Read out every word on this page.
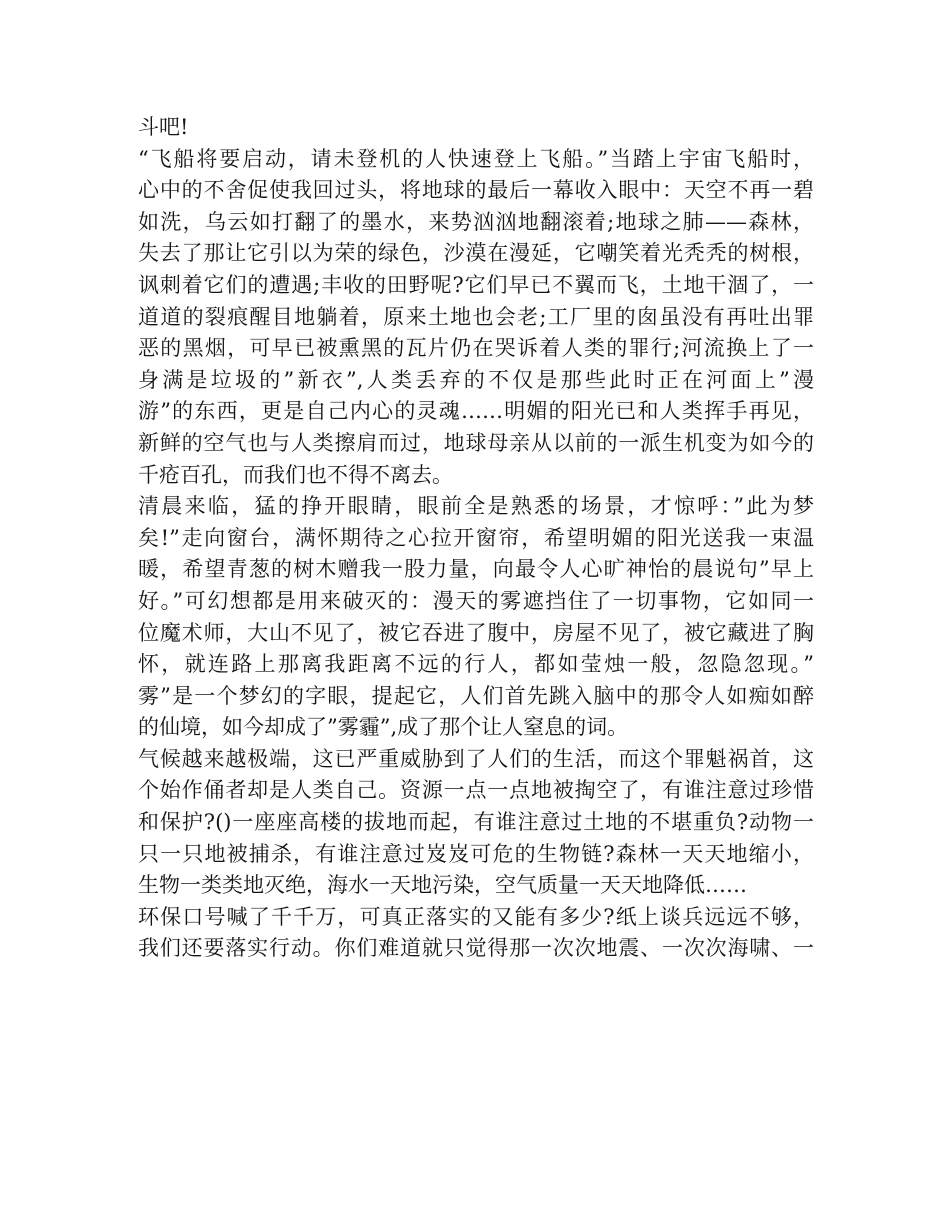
斗吧!
“飞船将要启动，请未登机的人快速登上飞船。”当踏上宇宙飞船时，
心中的不舍促使我回过头，将地球的最后一幕收入眼中：天空不再一碧
如洗，乌云如打翻了的墨水，来势汹汹地翻滚着;地球之肺——森林，
失去了那让它引以为荣的绿色，沙漠在漫延，它嘲笑着光秃秃的树根，
讽刺着它们的遭遇;丰收的田野呢?它们早已不翼而飞，土地干涸了，一
道道的裂痕醒目地躺着，原来土地也会老;工厂里的囱虽没有再吐出罪
恶的黑烟，可早已被熏黑的瓦片仍在哭诉着人类的罪行;河流换上了一
身满是垃圾的”新衣”,人类丢弃的不仅是那些此时正在河面上”漫
游”的东西，更是自己内心的灵魂……明媚的阳光已和人类挥手再见，
新鲜的空气也与人类擦肩而过，地球母亲从以前的一派生机变为如今的
千疮百孔，而我们也不得不离去。
清晨来临，猛的挣开眼睛，眼前全是熟悉的场景，才惊呼：”此为梦
矣!”走向窗台，满怀期待之心拉开窗帘，希望明媚的阳光送我一束温
暖，希望青葱的树木赠我一股力量，向最令人心旷神怡的晨说句”早上
好。”可幻想都是用来破灭的：漫天的雾遮挡住了一切事物，它如同一
位魔术师，大山不见了，被它吞进了腹中，房屋不见了，被它藏进了胸
怀，就连路上那离我距离不远的行人，都如莹烛一般，忽隐忽现。”
雾”是一个梦幻的字眼，提起它，人们首先跳入脑中的那令人如痴如醉
的仙境，如今却成了”雾霾”,成了那个让人窒息的词。
气候越来越极端，这已严重威胁到了人们的生活，而这个罪魁祸首，这
个始作俑者却是人类自己。资源一点一点地被掏空了，有谁注意过珍惜
和保护?()一座座高楼的拔地而起，有谁注意过土地的不堪重负?动物一
只一只地被捕杀，有谁注意过岌岌可危的生物链?森林一天天地缩小，
生物一类类地灭绝，海水一天地污染，空气质量一天天地降低……
环保口号喊了千千万，可真正落实的又能有多少?纸上谈兵远远不够，
我们还要落实行动。你们难道就只觉得那一次次地震、一次次海啸、一
